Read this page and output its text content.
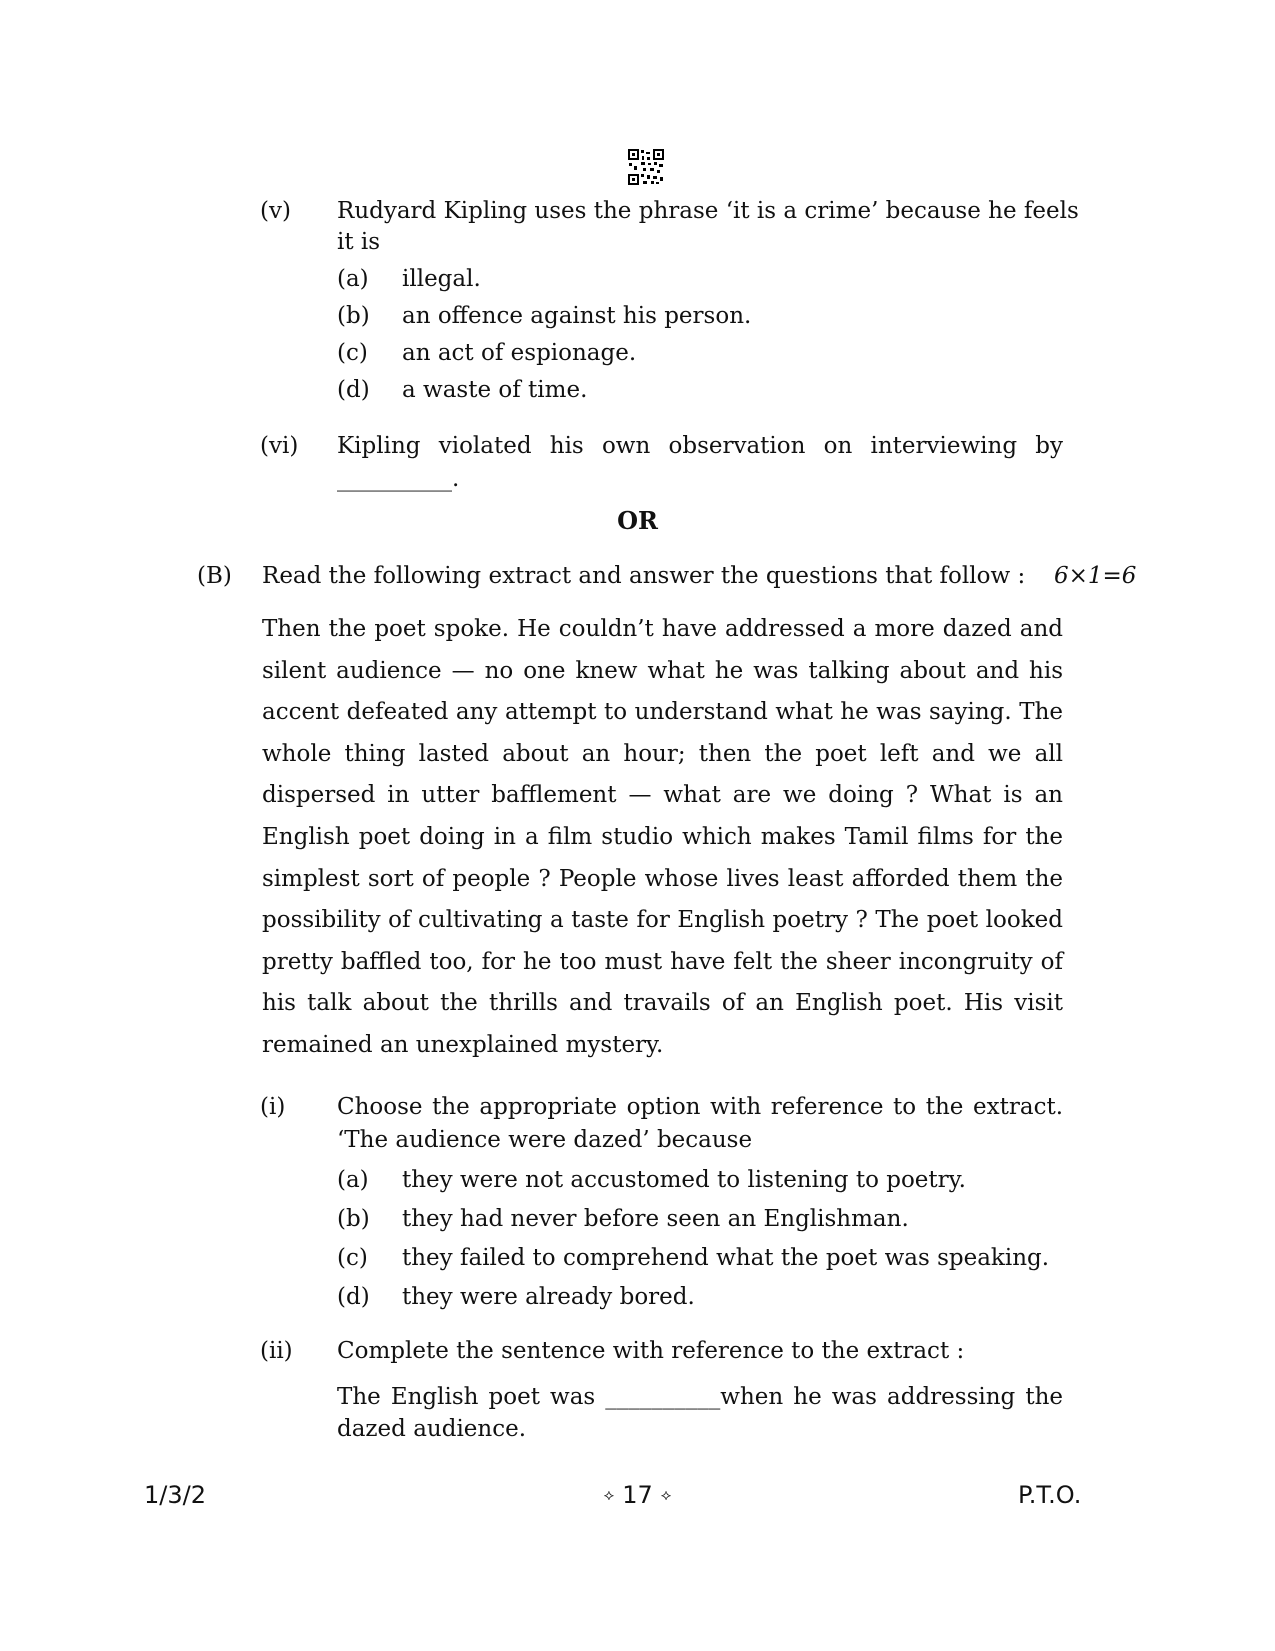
(v) Rudyard Kipling uses the phrase ‘it is a crime’ because he feels
it is
(a) illegal.
(b) an offence against his person.
(c) an act of espionage.
(d) a waste of time.
(vi) Kipling violated his own observation on interviewing by
__________.
OR
(B) Read the following extract and answer the questions that follow : 6×1=6
Then the poet spoke. He couldn’t have addressed a more dazed and
silent audience — no one knew what he was talking about and his
accent defeated any attempt to understand what he was saying. The
whole thing lasted about an hour; then the poet left and we all
dispersed in utter bafflement — what are we doing ? What is an
English poet doing in a film studio which makes Tamil films for the
simplest sort of people ? People whose lives least afforded them the
possibility of cultivating a taste for English poetry ? The poet looked
pretty baffled too, for he too must have felt the sheer incongruity of
his talk about the thrills and travails of an English poet. His visit
remained an unexplained mystery.
(i) Choose the appropriate option with reference to the extract.
‘The audience were dazed’ because
(a) they were not accustomed to listening to poetry.
(b) they had never before seen an Englishman.
(c) they failed to comprehend what the poet was speaking.
(d) they were already bored.
(ii) Complete the sentence with reference to the extract :
The English poet was __________when he was addressing the
dazed audience.
1/3/2	⟡ 17 ⟡	P.T.O.
